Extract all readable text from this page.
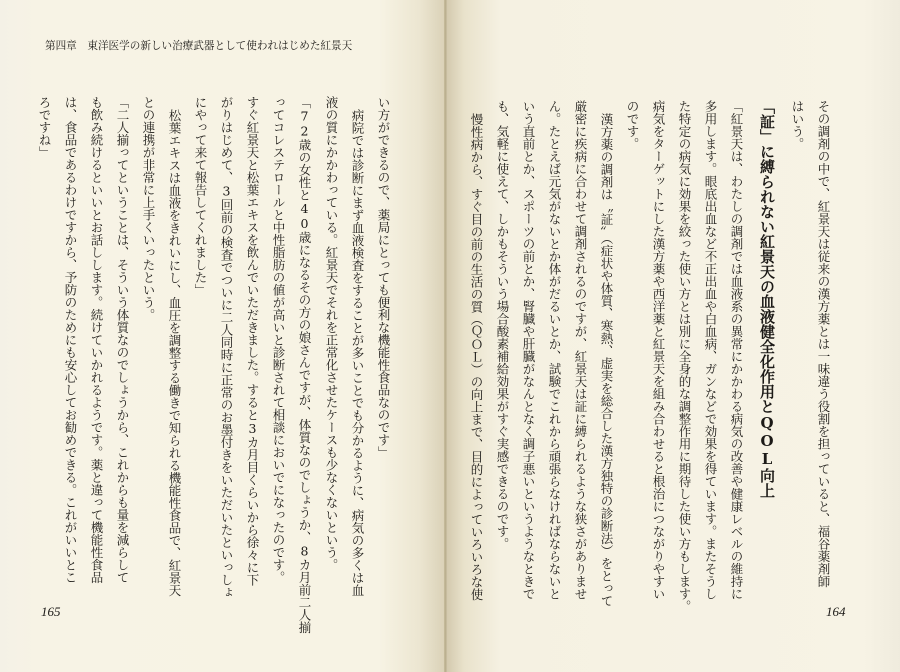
第四章　東洋医学の新しい治療武器として使われはじめた紅景天
い方ができるので、薬局にとっても便利な機能性食品なのです」
病院では診断にまず血液検査をすることが多いことでも分かるように、病気の多くは血
液の質にかかわっている。紅景天でそれを正常化させたケースも少なくないという。
「72歳の女性と40歳になるその方の娘さんですが、体質なのでしょうか、8カ月前二人揃
ってコレステロールと中性脂肪の値が高いと診断されて相談においでになったのです。
すぐ紅景天と松葉エキスを飲んでいただきました。すると3カ月目くらいから徐々に下
がりはじめて、3回前の検査でついに二人同時に正常のお墨付きをいただいたといっしょ
にやって来て報告してくれました」
松葉エキスは血液をきれいにし、血圧を調整する働きで知られる機能性食品で、紅景天
との連携が非常に上手くいったという。
「二人揃ってということは、そういう体質なのでしょうから、これからも量を減らして
も飲み続けるといいとお話しします。続けていかれるようです。薬と違って機能性食品
は、食品であるわけですから、予防のためにも安心してお勧めできる。これがいいとこ
ろですね」
165
その調剤の中で、紅景天は従来の漢方薬とは一味違う役割を担っていると、福谷薬剤師
はいう。
「証」に縛られない紅景天の血液健全化作用とQOL向上
「紅景天は、わたしの調剤では血液系の異常にかかわる病気の改善や健康レベルの維持に
多用します。眼底出血など不正出血や白血病、ガンなどで効果を得ています。またそうし
た特定の病気に効果を絞った使い方とは別に全身的な調整作用に期待した使い方もします。
病気をターゲットにした漢方薬や西洋薬と紅景天を組み合わせると根治につながりやすい
のです。
漢方薬の調剤は〝証〟（症状や体質、寒熱、虚実を総合した漢方独特の診断法）をとって
厳密に疾病に合わせて調剤されるのですが、紅景天は証に縛られるような狭さがありませ
ん。たとえば元気がないとか体がだるいとか、試験でこれから頑張らなければならないと
いう直前とか、スポーツの前とか、腎臓や肝臓がなんとなく調子悪いというようなときで
も、気軽に使えて、しかもそういう場合酸素補給効果がすぐ実感できるのです。
慢性病から、すぐ目の前の生活の質（ＱＯＬ）の向上まで、目的によっていろいろな使
164
